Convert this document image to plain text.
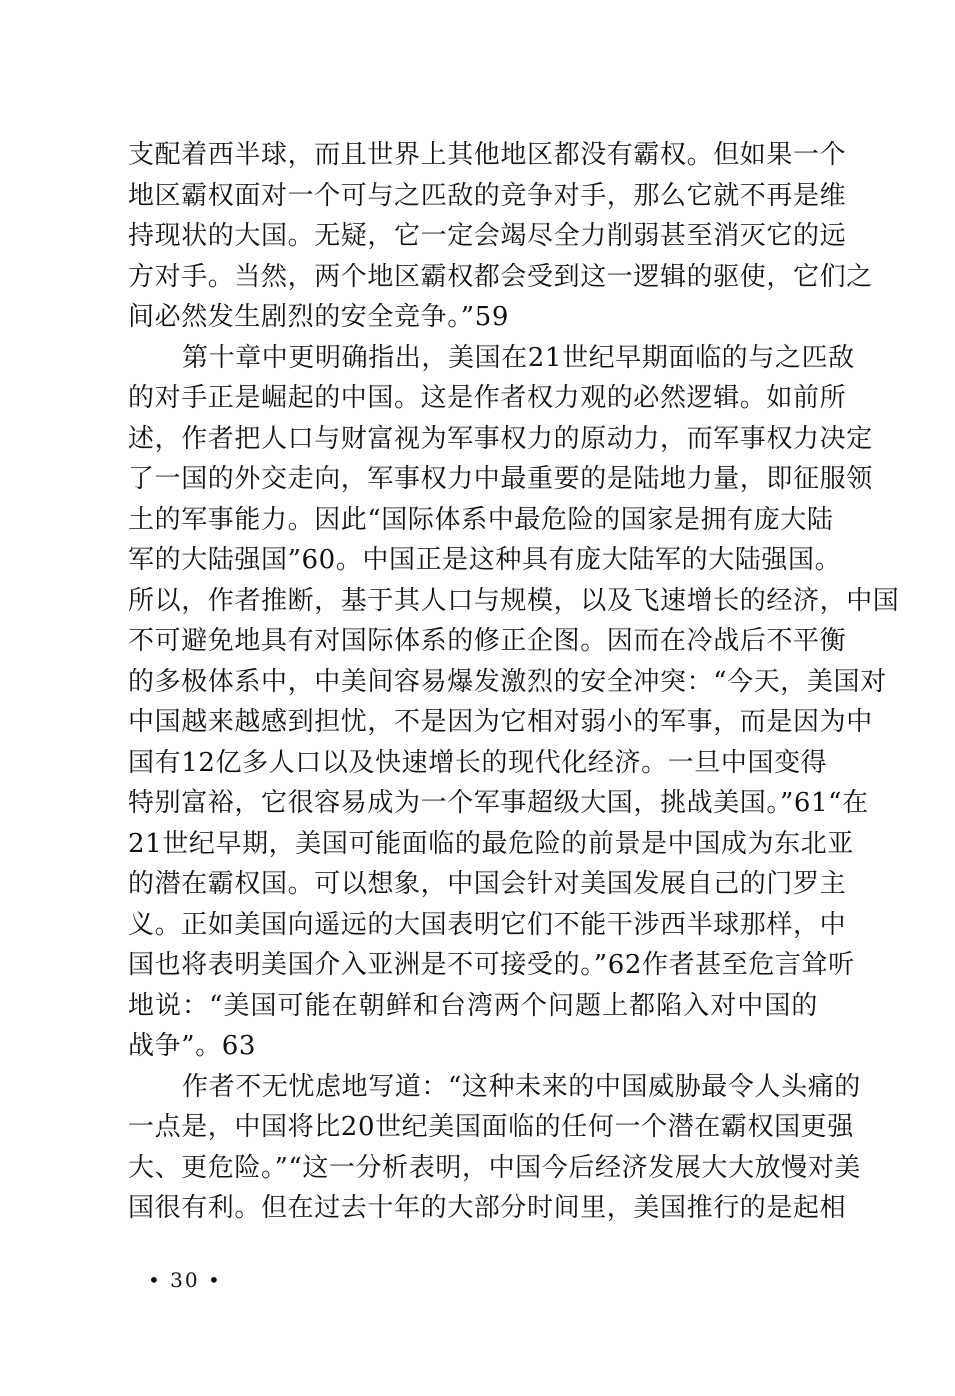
支配着西半球，而且世界上其他地区都没有霸权。但如果一个
地区霸权面对一个可与之匹敌的竞争对手，那么它就不再是维
持现状的大国。无疑，它一定会竭尽全力削弱甚至消灭它的远
方对手。当然，两个地区霸权都会受到这一逻辑的驱使，它们之
间必然发生剧烈的安全竞争。”59
第十章中更明确指出，美国在21世纪早期面临的与之匹敌
的对手正是崛起的中国。这是作者权力观的必然逻辑。如前所
述，作者把人口与财富视为军事权力的原动力，而军事权力决定
了一国的外交走向，军事权力中最重要的是陆地力量，即征服领
土的军事能力。因此“国际体系中最危险的国家是拥有庞大陆
军的大陆强国”60。中国正是这种具有庞大陆军的大陆强国。
所以，作者推断，基于其人口与规模，以及飞速增长的经济，中国
不可避免地具有对国际体系的修正企图。因而在冷战后不平衡
的多极体系中，中美间容易爆发激烈的安全冲突：“今天，美国对
中国越来越感到担忧，不是因为它相对弱小的军事，而是因为中
国有12亿多人口以及快速增长的现代化经济。一旦中国变得
特别富裕，它很容易成为一个军事超级大国，挑战美国。”61“在
21世纪早期，美国可能面临的最危险的前景是中国成为东北亚
的潜在霸权国。可以想象，中国会针对美国发展自己的门罗主
义。正如美国向遥远的大国表明它们不能干涉西半球那样，中
国也将表明美国介入亚洲是不可接受的。”62作者甚至危言耸听
地说：“美国可能在朝鲜和台湾两个问题上都陷入对中国的
战争”。63
作者不无忧虑地写道：“这种未来的中国威胁最令人头痛的
一点是，中国将比20世纪美国面临的任何一个潜在霸权国更强
大、更危险。”“这一分析表明，中国今后经济发展大大放慢对美
国很有利。但在过去十年的大部分时间里，美国推行的是起相
• 30 •
